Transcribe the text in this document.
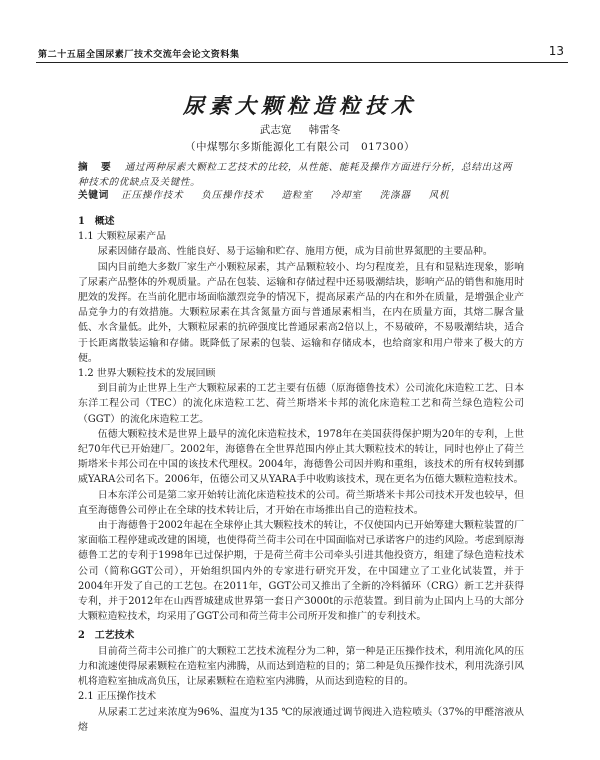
第二十五届全国尿素厂技术交流年会论文资料集	13
尿素大颗粒造粒技术
武志宽 韩雷冬
（中煤鄂尔多斯能源化工有限公司　017300）
摘　要 通过两种尿素大颗粒工艺技术的比较，从性能、能耗及操作方面进行分析，总结出这两种技术的优缺点及关键性。
关键词 正压操作技术 负压操作技术 造粒室 冷却室 洗涤器 风机
1　概述
1.1 大颗粒尿素产品

尿素因储存最高、性能良好、易于运输和贮存、施用方便，成为目前世界氮肥的主要品种。

国内目前绝大多数厂家生产小颗粒尿素，其产品颗粒较小、均匀程度差，且有和显粘连现象，影响了尿素产品整体的外观质量。产品在包装、运输和存储过程中还易吸潮结块，影响产品的销售和施用时肥效的发挥。在当前化肥市场面临激烈竞争的情况下，提高尿素产品的内在和外在质量，是增强企业产品竞争力的有效措施。大颗粒尿素在其含氮量方面与普通尿素相当，在内在质量方面，其熔二脲含量低、水含量低。此外，大颗粒尿素的抗碎强度比普通尿素高2倍以上，不易破碎，不易吸潮结块，适合于长距离散装运输和存储。既降低了尿素的包装、运输和存储成本，也给商家和用户带来了极大的方便。

1.2 世界大颗粒技术的发展回顾

到目前为止世界上生产大颗粒尿素的工艺主要有伍德（原海德鲁技术）公司流化床造粒工艺、日本东洋工程公司（TEC）的流化床造粒工艺、荷兰斯塔米卡邦的流化床造粒工艺和荷兰绿色造粒公司（GGT）的流化床造粒工艺。

伍德大颗粒技术是世界上最早的流化床造粒技术，1978年在美国获得保护期为20年的专利，上世纪70年代已开始建厂。2002年，海德鲁在全世界范围内停止其大颗粒技术的转让，同时也停止了荷兰斯塔米卡邦公司在中国的该技术代理权。2004年，海德鲁公司因并购和重组，该技术的所有权转到挪威YARA公司名下。2006年，伍德公司又从YARA手中收购该技术，现在更名为伍德大颗粒造粒技术。

日本东洋公司是第二家开始转让流化床造粒技术的公司。荷兰斯塔米卡邦公司技术开发也较早，但直至海德鲁公司停止在全球的技术转让后，才开始在市场推出自己的造粒技术。

由于海德鲁于2002年起在全球停止其大颗粒技术的转让，不仅使国内已开始筹建大颗粒装置的厂家面临工程停建或改建的困境，也使得荷兰荷丰公司在中国面临对已承诺客户的违约风险。考虑到原海德鲁工艺的专利于1998年已过保护期，于是荷兰荷丰公司牵头引进其他投资方，组建了绿色造粒技术公司（简称GGT公司），开始组织国内外的专家进行研究开发，在中国建立了工业化试装置，并于2004年开发了自己的工艺包。在2011年，GGT公司又推出了全新的冷料循环（CRG）新工艺并获得专利，并于2012年在山西晋城建成世界第一套日产3000t的示范装置。到目前为止国内上马的大部分大颗粒造粒技术，均采用了GGT公司和荷兰荷丰公司所开发和推广的专利技术。

2　工艺技术

目前荷兰荷丰公司推广的大颗粒工艺技术流程分为二种，第一种是正压操作技术，利用流化风的压力和流速使得尿素颗粒在造粒室内沸腾，从而达到造粒的目的；第二种是负压操作技术，利用洗涤引风机将造粒室抽成高负压，让尿素颗粒在造粒室内沸腾，从而达到造粒的目的。

2.1 正压操作技术

从尿素工艺过来浓度为96%、温度为135 ℃的尿液通过调节阀进入造粒喷头（37%的甲醛溶液从熔
